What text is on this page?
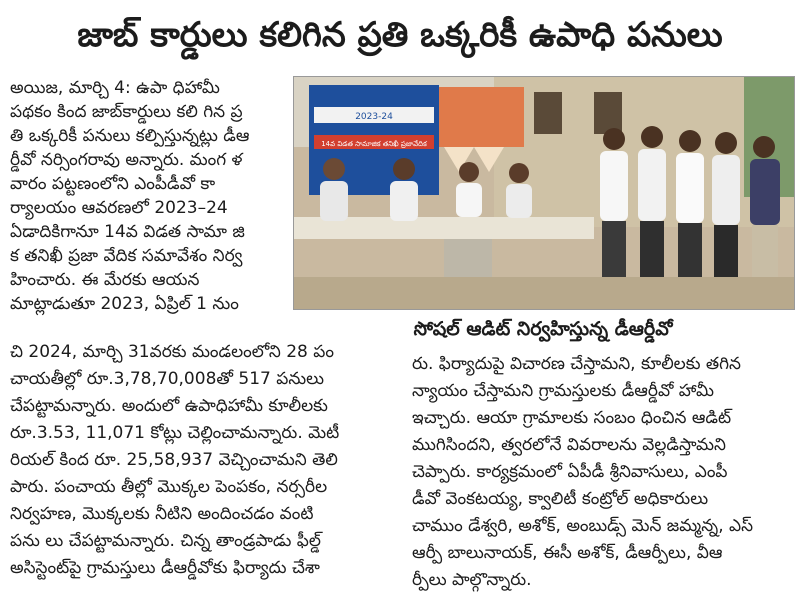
జాబ్ కార్డులు కలిగిన ప్రతి ఒక్కరికీ ఉపాధి పనులు
అయిజ, మార్చి 4: ఉపా ధిహామీ
పథకం కింద జాబ్‌కార్డులు కలి గిన ప్ర
తి ఒక్కరికీ పనులు కల్పిస్తున్నట్లు డీఆ
ర్డీవో నర్సింగరావు అన్నారు. మంగ ళ
వారం పట్టణంలోని ఎంపీడీవో కా
ర్యాలయం ఆవరణలో 2023–24
ఏడాదికిగానూ 14వ విడత సామా జి
క తనిఖీ ప్రజా వేదిక సమావేశం నిర్వ
హించారు. ఈ మేరకు ఆయన
మాట్లాడుతూ 2023, ఏప్రిల్ 1 నుం
2023-24
14వ విడత సామాజిక తనిఖీ ప్రజావేదిక
సోషల్ ఆడిట్ నిర్వహిస్తున్న డీఆర్డీవో
చి 2024, మార్చి 31వరకు మండలంలోని 28 పం
చాయతీల్లో రూ.3,78,70,008తో 517 పనులు
చేపట్టామన్నారు. అందులో ఉపాధిహామీ కూలీలకు
రూ.3.53, 11,071 కోట్లు చెల్లించామన్నారు. మెటీ
రియల్ కింద రూ. 25,58,937 వెచ్చించామని తెలి
పారు. పంచాయ తీల్లో మొక్కల పెంపకం, నర్సరీల
నిర్వహణ, మొక్కలకు నీటిని అందించడం వంటి
పను లు చేపట్టామన్నారు. చిన్న తాండ్రపాడు ఫీల్డ్
అసిస్టెంట్‌పై గ్రామస్తులు డీఆర్డీవోకు ఫిర్యాదు చేశా
రు. ఫిర్యాదుపై విచారణ చేస్తామని, కూలీలకు తగిన
న్యాయం చేస్తామని గ్రామస్తులకు డీఆర్డీవో హామీ
ఇచ్చారు. ఆయా గ్రామాలకు సంబం ధించిన ఆడిట్
ముగిసిందని, త్వరలోనే వివరాలను వెల్లడిస్తామని
చెప్పారు. కార్యక్రమంలో ఏపీడీ శ్రీనివాసులు, ఎంపీ
డీవో వెంకటయ్య, క్వాలిటీ కంట్రోల్ అధికారులు
చాముం డేశ్వరి, అశోక్, అంబుడ్స్ మెన్ జమ్మన్న, ఎస్
ఆర్పీ బాలునాయక్, ఈసీ అశోక్, డీఆర్పీలు, వీఆ
ర్పీలు పాల్గొన్నారు.
